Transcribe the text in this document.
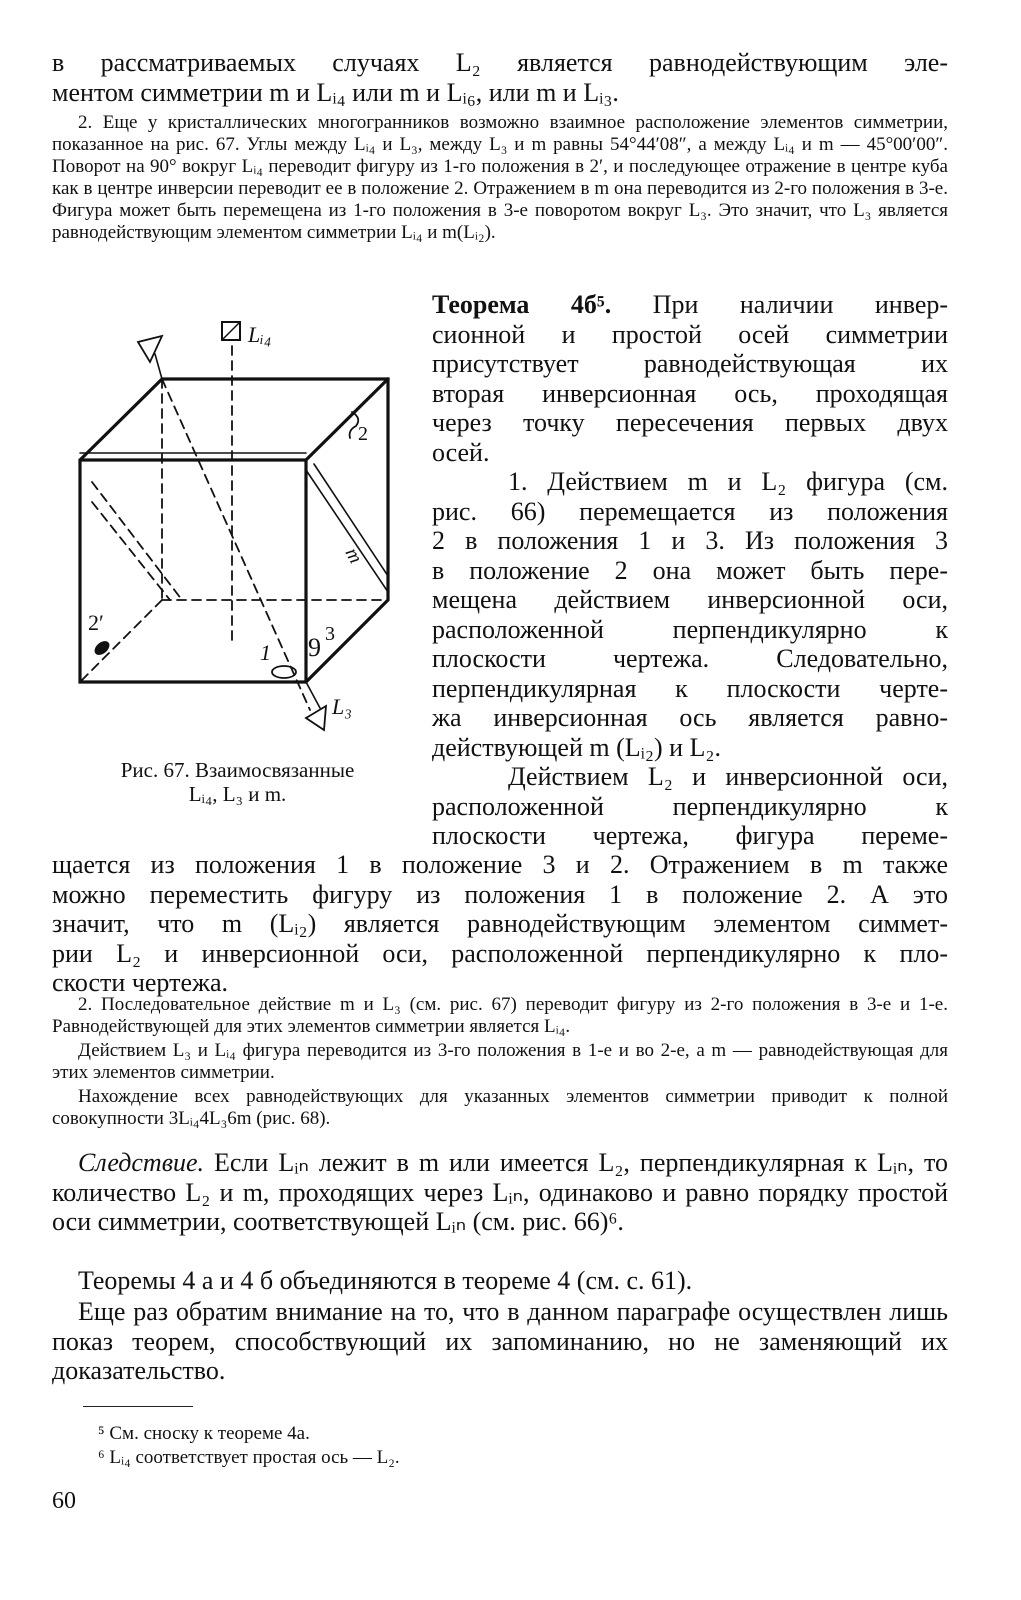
в рассматриваемых случаях L₂ является равнодействующим эле-
ментом симметрии m и Lᵢ₄ или m и Lᵢ₆, или m и Lᵢ₃.

2. Еще у кристаллических многогранников возможно взаимное расположение элементов симметрии, показанное на рис. 67. Углы между Lᵢ₄ и L₃, между L₃ и m равны 54°44′08″, а между Lᵢ₄ и m — 45°00′00″. Поворот на 90° вокруг Lᵢ₄ переводит фигуру из 1-го положения в 2′, и последующее отражение в центре куба как в центре инверсии переводит ее в положение 2. Отражением в m она переводится из 2-го положения в 3-е. Фигура может быть перемещена из 1-го положения в 3-е поворотом вокруг L₃. Это значит, что L₃ является равнодействующим элементом симметрии Lᵢ₄ и m(Lᵢ₂).

Теорема 4б⁵. При наличии инвер-
сионной и простой осей симметрии
присутствует равнодействующая их
вторая инверсионная ось, проходящая
через точку пересечения первых двух
осей.
1. Действием m и L₂ фигура (см.
рис. 66) перемещается из положения
2 в положения 1 и 3. Из положения 3
в положение 2 она может быть пере-
мещена действием инверсионной оси,
расположенной перпендикулярно к
плоскости чертежа. Следовательно,
перпендикулярная к плоскости черте-
жа инверсионная ось является равно-
действующей m (Lᵢ₂) и L₂.
Действием L₂ и инверсионной оси,
расположенной перпендикулярно к
плоскости чертежа, фигура переме-
щается из положения 1 в положение 3 и 2. Отражением в m также
можно переместить фигуру из положения 1 в положение 2. А это
значит, что m (Lᵢ₂) является равнодействующим элементом симмет-
рии L₂ и инверсионной оси, расположенной перпендикулярно к пло-
скости чертежа.

2. Последовательное действие m и L₃ (см. рис. 67) переводит фигуру из 2-го положения в 3-е и 1-е. Равнодействующей для этих элементов симметрии является Lᵢ₄.

Действием L₃ и Lᵢ₄ фигура переводится из 3-го положения в 1-е и во 2-е, а m — равнодействующая для этих элементов симметрии.

Нахождение всех равнодействующих для указанных элементов симметрии приводит к полной совокупности 3Lᵢ₄4L₃6m (рис. 68).

Следствие. Если Lᵢₙ лежит в m или имеется L₂, перпендикулярная к Lᵢₙ, то количество L₂ и m, проходящих через Lᵢₙ, одинаково и равно порядку простой оси симметрии, соответствующей Lᵢₙ (см. рис. 66)⁶.

Теоремы 4 а и 4 б объединяются в теореме 4 (см. с. 61).

Еще раз обратим внимание на то, что в данном параграфе осуществлен лишь показ теорем, способствующий их запоминанию, но не заменяющий их доказательство.

⁵ См. сноску к теореме 4а.
⁶ Lᵢ₄ соответствует простая ось — L₂.
60
Lᵢ₄
L₃
m
2
2′
1 9 3
Рис. 67. Взаимосвязанные
Lᵢ₄, L₃ и m.
